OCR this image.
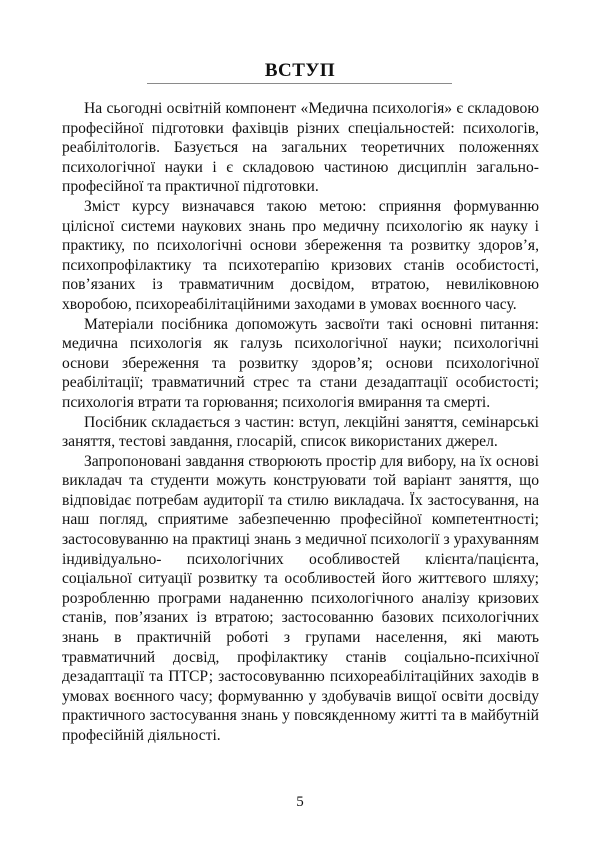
ВСТУП

На сьогодні освітній компонент «Медична психологія» є складовою професійної підготовки фахівців різних спеціальностей: психологів, реабілітологів. Базується на загальних теоретичних положеннях психологічної науки і є складовою частиною дисциплін загально-професійної та практичної підготовки.

Зміст курсу визначався такою метою: сприяння формуванню цілісної системи наукових знань про медичну психологію як науку і практику, по психологічні основи збереження та розвитку здоров’я, психопрофілактику та психотерапію кризових станів особистості, пов’язаних із травматичним досвідом, втратою, невиліковною хворобою, психореабілітаційними заходами в умовах воєнного часу.

Матеріали посібника допоможуть засвоїти такі основні питання: медична психологія як галузь психологічної науки; психологічні основи збереження та розвитку здоров’я; основи психологічної реабілітації; травматичний стрес та стани дезадаптації особистості; психологія втрати та горювання; психологія вмирання та смерті.

Посібник складається з частин: вступ, лекційні заняття, семінарські заняття, тестові завдання, глосарій, список використаних джерел.

Запропоновані завдання створюють простір для вибору, на їх основі викладач та студенти можуть конструювати той варіант заняття, що відповідає потребам аудиторії та стилю викладача. Їх застосування, на наш погляд, сприятиме забезпеченню професійної компетентності; застосовуванню на практиці знань з медичної психології з урахуванням індивідуально- психологічних особливостей клієнта/пацієнта, соціальної ситуації розвитку та особливостей його життєвого шляху; розробленню програми наданенню психологічного аналізу кризових станів, пов’язаних із втратою; застосованню базових психологічних знань в практичній роботі з групами населення, які мають травматичний досвід, профілактику станів соціально-психічної дезадаптації та ПТСР; застосовуванню психореабілітаційних заходів в умовах воєнного часу; формуванню у здобувачів вищої освіти досвіду практичного застосування знань у повсякденному житті та в майбутній професійній діяльності.

5
